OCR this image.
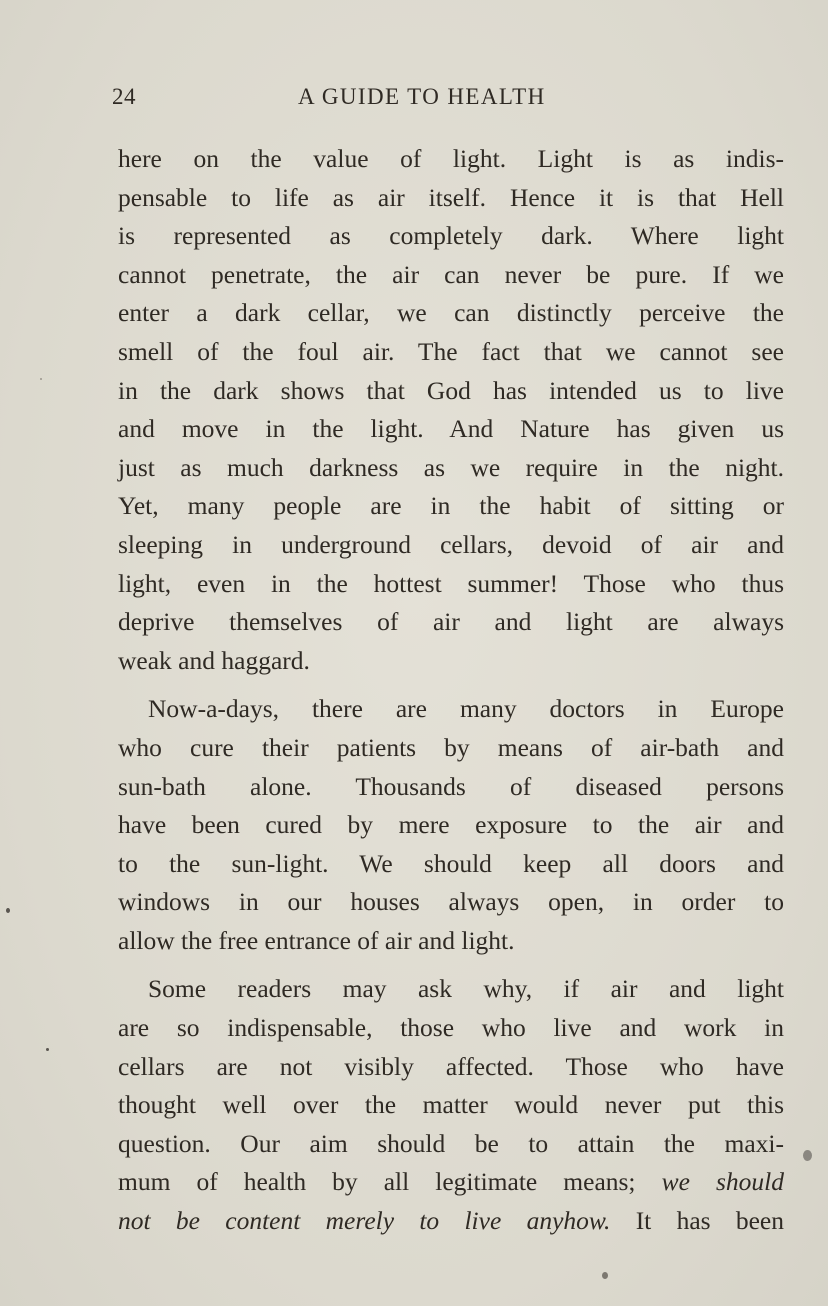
24	A GUIDE TO HEALTH

here on the value of light. Light is as indis-
pensable to life as air itself. Hence it is that Hell
is represented as completely dark. Where light
cannot penetrate, the air can never be pure. If we
enter a dark cellar, we can distinctly perceive the
smell of the foul air. The fact that we cannot see
in the dark shows that God has intended us to live
and move in the light. And Nature has given us
just as much darkness as we require in the night.
Yet, many people are in the habit of sitting or
sleeping in underground cellars, devoid of air and
light, even in the hottest summer! Those who thus
deprive themselves of air and light are always
weak and haggard.

Now-a-days, there are many doctors in Europe
who cure their patients by means of air-bath and
sun-bath alone. Thousands of diseased persons
have been cured by mere exposure to the air and
to the sun-light. We should keep all doors and
windows in our houses always open, in order to
allow the free entrance of air and light.

Some readers may ask why, if air and light
are so indispensable, those who live and work in
cellars are not visibly affected. Those who have
thought well over the matter would never put this
question. Our aim should be to attain the maxi-
mum of health by all legitimate means; we should
not be content merely to live anyhow. It has been
